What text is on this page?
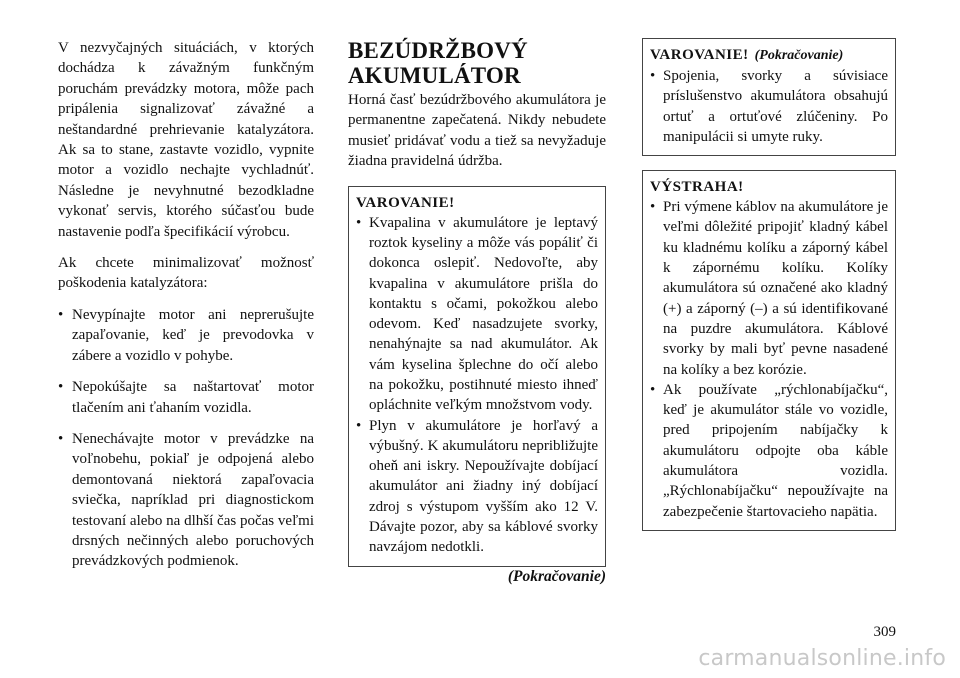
V nezvyčajných situáciách, v ktorých dochádza k závažným funkčným poruchám prevádzky motora, môže pach pripálenia signalizovať závažné a neštandardné prehrievanie katalyzátora. Ak sa to stane, zastavte vozidlo, vypnite motor a vozidlo nechajte vychladnúť. Následne je nevyhnutné bezodkladne vykonať servis, ktorého súčasťou bude nastavenie podľa špecifikácií výrobcu.

Ak chcete minimalizovať možnosť poškodenia katalyzátora:

• Nevypínajte motor ani neprerušujte zapaľovanie, keď je prevodovka v zábere a vozidlo v pohybe.
• Nepokúšajte sa naštartovať motor tlačením ani ťahaním vozidla.
• Nenechávajte motor v prevádzke na voľnobehu, pokiaľ je odpojená alebo demontovaná niektorá zapaľovacia sviečka, napríklad pri diagnostickom testovaní alebo na dlhší čas počas veľmi drsných nečinných alebo poruchových prevádzkových podmienok.
BEZÚDRŽBOVÝ AKUMULÁTOR

Horná časť bezúdržbového akumulátora je permanentne zapečatená. Nikdy nebudete musieť pridávať vodu a tiež sa nevyžaduje žiadna pravidelná údržba.

VAROVANIE!
• Kvapalina v akumulátore je leptavý roztok kyseliny a môže vás popáliť či dokonca oslepiť. Nedovoľte, aby kvapalina v akumulátore prišla do kontaktu s očami, pokožkou alebo odevom. Keď nasadzujete svorky, nenahýnajte sa nad akumulátor. Ak vám kyselina šplechne do očí alebo na pokožku, postihnuté miesto ihneď opláchnite veľkým množstvom vody.
• Plyn v akumulátore je horľavý a výbušný. K akumulátoru nepribližujte oheň ani iskry. Nepoužívajte dobíjací akumulátor ani žiadny iný dobíjací zdroj s výstupom vyšším ako 12 V. Dávajte pozor, aby sa káblové svorky navzájom nedotkli.
(Pokračovanie)
VAROVANIE! (Pokračovanie)
• Spojenia, svorky a súvisiace príslušenstvo akumulátora obsahujú ortuť a ortuťové zlúčeniny. Po manipulácii si umyte ruky.
VÝSTRAHA!
• Pri výmene káblov na akumulátore je veľmi dôležité pripojiť kladný kábel ku kladnému kolíku a záporný kábel k zápornému kolíku. Kolíky akumulátora sú označené ako kladný (+) a záporný (–) a sú identifikované na puzdre akumulátora. Káblové svorky by mali byť pevne nasadené na kolíky a bez korózie.
• Ak používate „rýchlonabíjačku“, keď je akumulátor stále vo vozidle, pred pripojením nabíjačky k akumulátoru odpojte oba káble akumulátora vozidla. „Rýchlonabíjačku“ nepoužívajte na zabezpečenie štartovacieho napätia.
309
carmanualsonline.info
